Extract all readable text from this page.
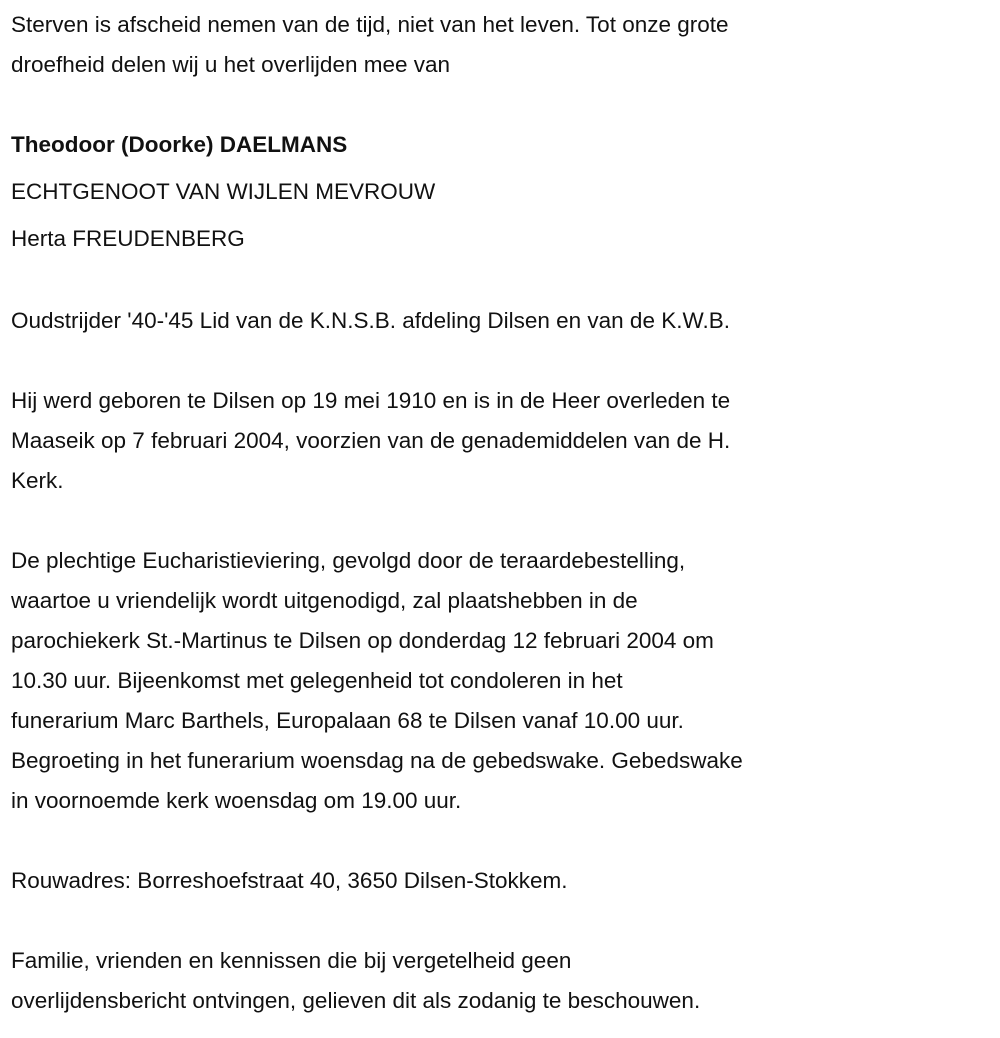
Sterven is afscheid nemen van de tijd, niet van het leven. Tot onze grote
droefheid delen wij u het overlijden mee van
Theodoor (Doorke) DAELMANS
ECHTGENOOT VAN WIJLEN MEVROUW
Herta FREUDENBERG
Oudstrijder '40-'45 Lid van de K.N.S.B. afdeling Dilsen en van de K.W.B.
Hij werd geboren te Dilsen op 19 mei 1910 en is in de Heer overleden te
Maaseik op 7 februari 2004, voorzien van de genademiddelen van de H.
Kerk.
De plechtige Eucharistieviering, gevolgd door de teraardebestelling,
waartoe u vriendelijk wordt uitgenodigd, zal plaatshebben in de
parochiekerk St.-Martinus te Dilsen op donderdag 12 februari 2004 om
10.30 uur. Bijeenkomst met gelegenheid tot condoleren in het
funerarium Marc Barthels, Europalaan 68 te Dilsen vanaf 10.00 uur.
Begroeting in het funerarium woensdag na de gebedswake. Gebedswake
in voornoemde kerk woensdag om 19.00 uur.
Rouwadres: Borreshoefstraat 40, 3650 Dilsen-Stokkem.
Familie, vrienden en kennissen die bij vergetelheid geen
overlijdensbericht ontvingen, gelieven dit als zodanig te beschouwen.
